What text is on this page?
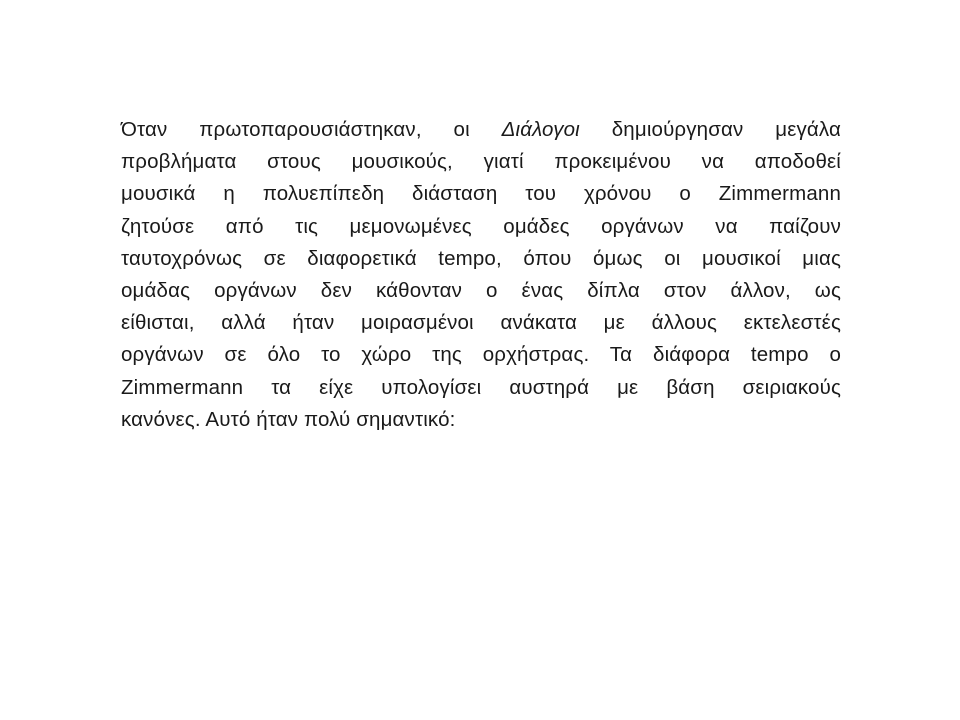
Όταν πρωτοπαρουσιάστηκαν, οι Διάλογοι δημιούργησαν μεγάλα
προβλήματα στους μουσικούς, γιατί προκειμένου να αποδοθεί
μουσικά η πολυεπίπεδη διάσταση του χρόνου ο Zimmermann
ζητούσε από τις μεμονωμένες ομάδες οργάνων να παίζουν
ταυτοχρόνως σε διαφορετικά tempo, όπου όμως οι μουσικοί μιας
ομάδας οργάνων δεν κάθονταν ο ένας δίπλα στον άλλον, ως
είθισται, αλλά ήταν μοιρασμένοι ανάκατα με άλλους εκτελεστές
οργάνων σε όλο το χώρο της ορχήστρας. Τα διάφορα tempo ο
Zimmermann τα είχε υπολογίσει αυστηρά με βάση σειριακούς
κανόνες. Αυτό ήταν πολύ σημαντικό:
